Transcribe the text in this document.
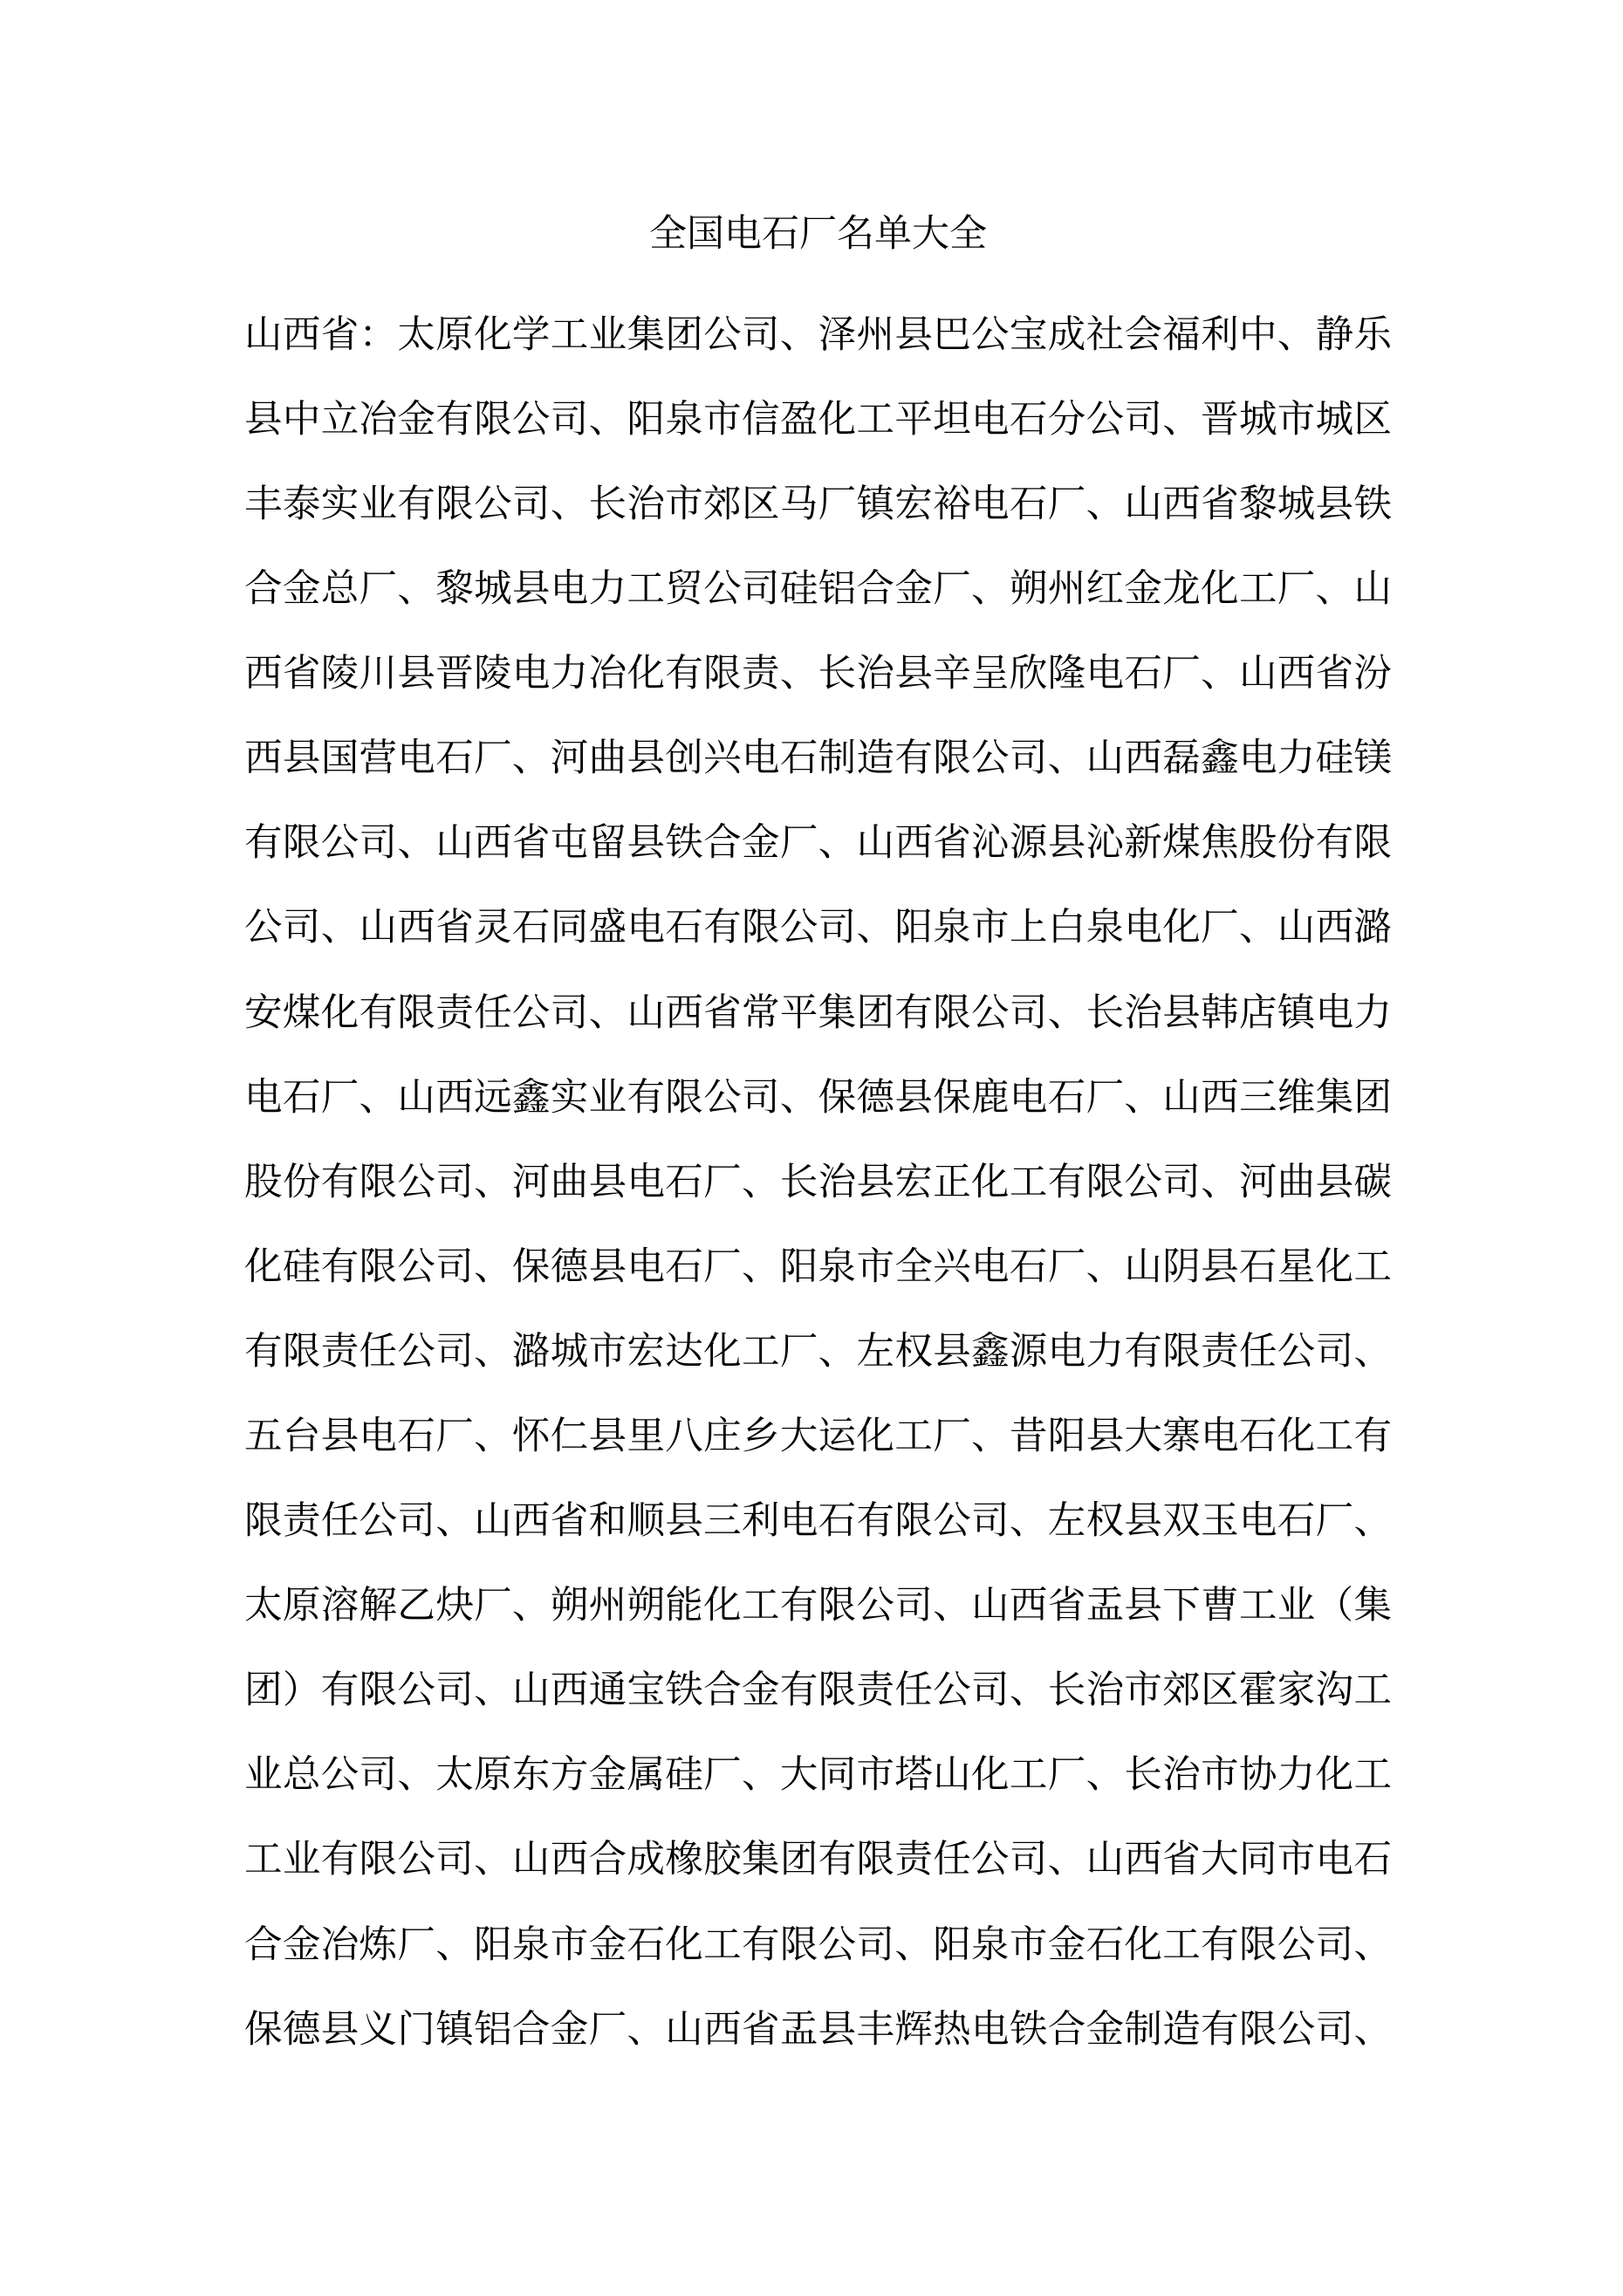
全国电石厂名单大全
山 西 省 ： 太 原 化 学 工 业 集 团 公 司 、 泽 州 县 巴 公 宝 成 社 会 福 利 中 、 静 乐
县 中 立 冶 金 有 限 公 司 、 阳 泉 市 信 盈 化 工 平 坦 电 石 分 公 司 、 晋 城 市 城 区
丰 泰 实 业 有 限 公 司 、 长 治 市 郊 区 马 厂 镇 宏 裕 电 石 厂 、 山 西 省 黎 城 县 铁
合 金 总 厂 、 黎 城 县 电 力 工 贸 公 司 硅 铝 合 金 厂 、 朔 州 红 金 龙 化 工 厂 、 山
西 省 陵 川 县 晋 陵 电 力 冶 化 有 限 责 、 长 治 县 辛 呈 欣 隆 电 石 厂 、 山 西 省 汾
西 县 国 营 电 石 厂 、 河 曲 县 创 兴 电 石 制 造 有 限 公 司 、 山 西 磊 鑫 电 力 硅 镁
有 限 公 司 、 山 西 省 屯 留 县 铁 合 金 厂 、 山 西 省 沁 源 县 沁 新 煤 焦 股 份 有 限
公 司 、 山 西 省 灵 石 同 盛 电 石 有 限 公 司 、 阳 泉 市 上 白 泉 电 化 厂 、 山 西 潞
安 煤 化 有 限 责 任 公 司 、 山 西 省 常 平 集 团 有 限 公 司 、 长 治 县 韩 店 镇 电 力
电 石 厂 、 山 西 远 鑫 实 业 有 限 公 司 、 保 德 县 保 鹿 电 石 厂 、 山 西 三 维 集 团
股 份 有 限 公 司 、 河 曲 县 电 石 厂 、 长 治 县 宏 正 化 工 有 限 公 司 、 河 曲 县 碳
化 硅 有 限 公 司 、 保 德 县 电 石 厂 、 阳 泉 市 全 兴 电 石 厂 、 山 阴 县 石 星 化 工
有 限 责 任 公 司 、 潞 城 市 宏 达 化 工 厂 、 左 权 县 鑫 源 电 力 有 限 责 任 公 司 、
五 台 县 电 石 厂 、 怀 仁 县 里 八 庄 乡 大 运 化 工 厂 、 昔 阳 县 大 寨 电 石 化 工 有
限 责 任 公 司 、 山 西 省 和 顺 县 三 利 电 石 有 限 公 司 、 左 权 县 双 玉 电 石 厂 、
太 原 溶 解 乙 炔 厂 、 朔 州 朔 能 化 工 有 限 公 司 、 山 西 省 盂 县 下 曹 工 业 （ 集
团 ） 有 限 公 司 、 山 西 通 宝 铁 合 金 有 限 责 任 公 司 、 长 治 市 郊 区 霍 家 沟 工
业 总 公 司 、 太 原 东 方 金 属 硅 厂 、 大 同 市 塔 山 化 工 厂 、 长 治 市 协 力 化 工
工 业 有 限 公 司 、 山 西 合 成 橡 胶 集 团 有 限 责 任 公 司 、 山 西 省 大 同 市 电 石
合 金 冶 炼 厂 、 阳 泉 市 金 石 化 工 有 限 公 司 、 阳 泉 市 金 石 化 工 有 限 公 司 、
保 德 县 义 门 镇 铝 合 金 厂 、 山 西 省 盂 县 丰 辉 热 电 铁 合 金 制 造 有 限 公 司 、
